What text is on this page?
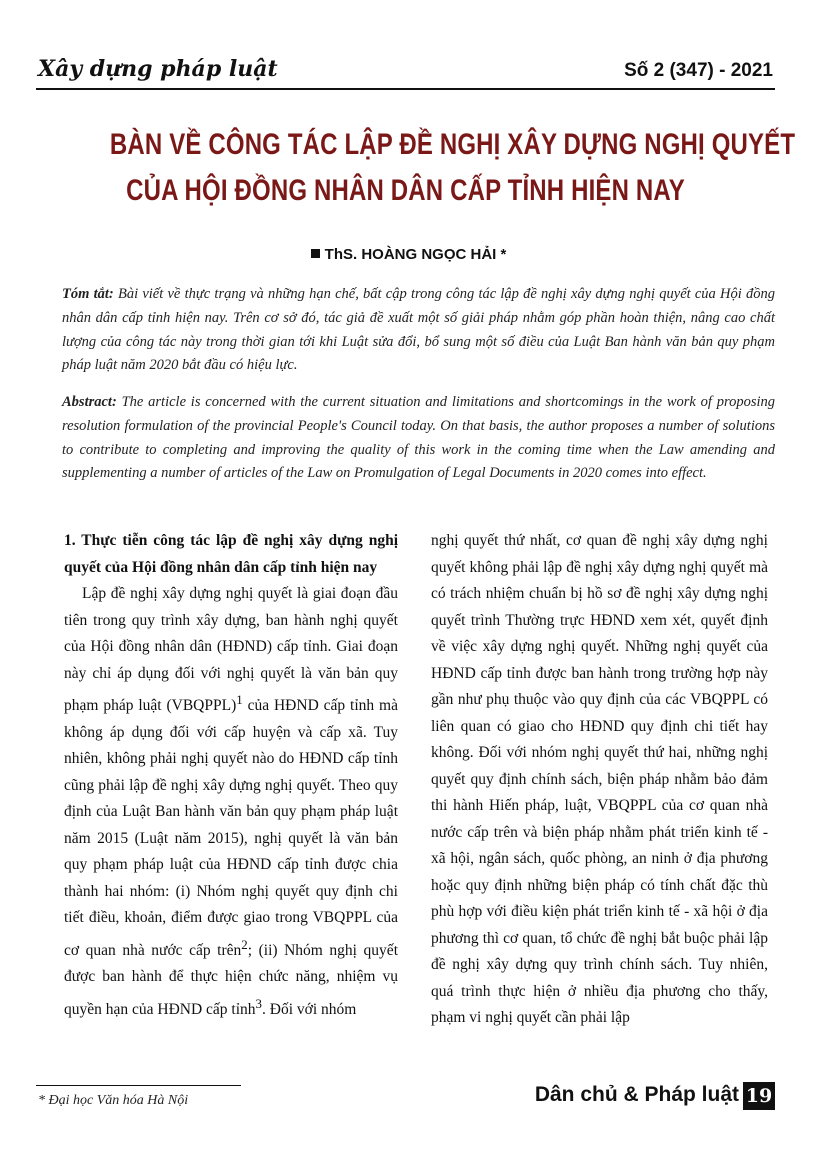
Xây dựng pháp luật	Số 2 (347) - 2021
BÀN VỀ CÔNG TÁC LẬP ĐỀ NGHỊ XÂY DỰNG NGHỊ QUYẾT
CỦA HỘI ĐỒNG NHÂN DÂN CẤP TỈNH HIỆN NAY
ThS. HOÀNG NGỌC HẢI *
Tóm tắt: Bài viết về thực trạng và những hạn chế, bất cập trong công tác lập đề nghị xây dựng nghị quyết của Hội đồng nhân dân cấp tỉnh hiện nay. Trên cơ sở đó, tác giả đề xuất một số giải pháp nhằm góp phần hoàn thiện, nâng cao chất lượng của công tác này trong thời gian tới khi Luật sửa đổi, bổ sung một số điều của Luật Ban hành văn bản quy phạm pháp luật năm 2020 bắt đầu có hiệu lực.
Abstract: The article is concerned with the current situation and limitations and shortcomings in the work of proposing resolution formulation of the provincial People's Council today. On that basis, the author proposes a number of solutions to contribute to completing and improving the quality of this work in the coming time when the Law amending and supplementing a number of articles of the Law on Promulgation of Legal Documents in 2020 comes into effect.
1. Thực tiễn công tác lập đề nghị xây dựng nghị quyết của Hội đồng nhân dân cấp tỉnh hiện nay
Lập đề nghị xây dựng nghị quyết là giai đoạn đầu tiên trong quy trình xây dựng, ban hành nghị quyết của Hội đồng nhân dân (HĐND) cấp tỉnh. Giai đoạn này chỉ áp dụng đối với nghị quyết là văn bản quy phạm pháp luật (VBQPPL)$^1$ của HĐND cấp tỉnh mà không áp dụng đối với cấp huyện và cấp xã. Tuy nhiên, không phải nghị quyết nào do HĐND cấp tỉnh cũng phải lập đề nghị xây dựng nghị quyết. Theo quy định của Luật Ban hành văn bản quy phạm pháp luật năm 2015 (Luật năm 2015), nghị quyết là văn bản quy phạm pháp luật của HĐND cấp tỉnh được chia thành hai nhóm: (i) Nhóm nghị quyết quy định chi tiết điều, khoản, điểm được giao trong VBQPPL của cơ quan nhà nước cấp trên$^2$; (ii) Nhóm nghị quyết được ban hành để thực hiện chức năng, nhiệm vụ quyền hạn của HĐND cấp tỉnh$^3$. Đối với nhóm
nghị quyết thứ nhất, cơ quan đề nghị xây dựng nghị quyết không phải lập đề nghị xây dựng nghị quyết mà có trách nhiệm chuẩn bị hồ sơ đề nghị xây dựng nghị quyết trình Thường trực HĐND xem xét, quyết định về việc xây dựng nghị quyết. Những nghị quyết của HĐND cấp tỉnh được ban hành trong trường hợp này gần như phụ thuộc vào quy định của các VBQPPL có liên quan có giao cho HĐND quy định chi tiết hay không. Đối với nhóm nghị quyết thứ hai, những nghị quyết quy định chính sách, biện pháp nhằm bảo đảm thi hành Hiến pháp, luật, VBQPPL của cơ quan nhà nước cấp trên và biện pháp nhằm phát triển kinh tế - xã hội, ngân sách, quốc phòng, an ninh ở địa phương hoặc quy định những biện pháp có tính chất đặc thù phù hợp với điều kiện phát triển kinh tế - xã hội ở địa phương thì cơ quan, tổ chức đề nghị bắt buộc phải lập đề nghị xây dựng quy trình chính sách. Tuy nhiên, quá trình thực hiện ở nhiều địa phương cho thấy, phạm vi nghị quyết cần phải lập
* Đại học Văn hóa Hà Nội	Dân chủ & Pháp luật 19
